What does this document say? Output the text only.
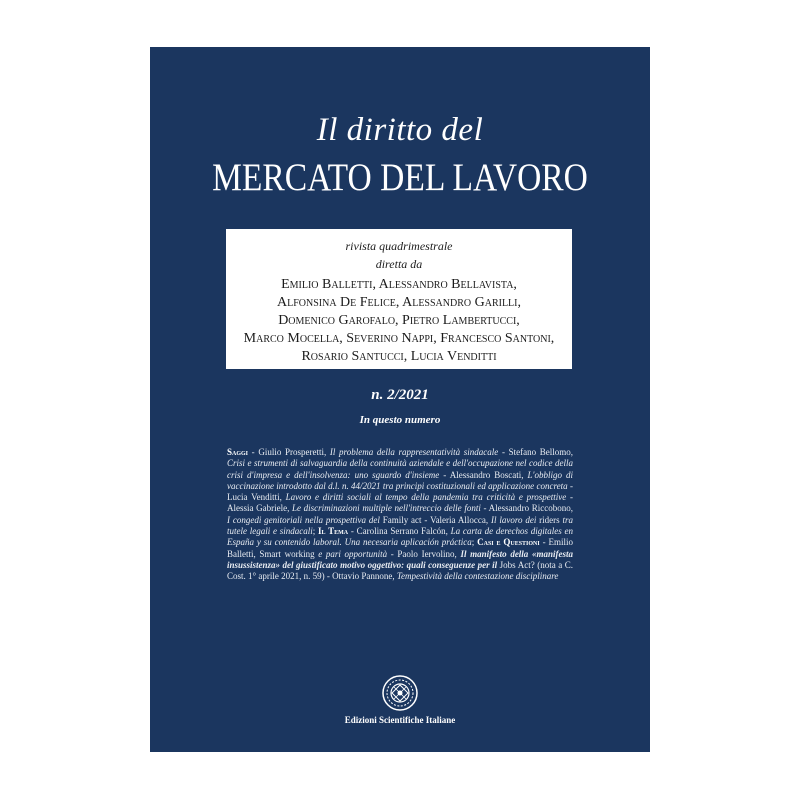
Il diritto del
MERCATO DEL LAVORO
rivista quadrimestrale
diretta da
Emilio Balletti, Alessandro Bellavista,
Alfonsina De Felice, Alessandro Garilli,
Domenico Garofalo, Pietro Lambertucci,
Marco Mocella, Severino Nappi, Francesco Santoni,
Rosario Santucci, Lucia Venditti
n. 2/2021
In questo numero
Saggi - Giulio Prosperetti, Il problema della rappresentatività sindacale - Stefano Bellomo, Crisi e strumenti di salvaguardia della continuità aziendale e dell'occupazione nel codice della crisi d'impresa e dell'insolvenza: uno sguardo d'insieme - Alessandro Boscati, L'obbligo di vaccinazione introdotto dal d.l. n. 44/2021 tra principi costituzionali ed applicazione concreta - Lucia Venditti, Lavoro e diritti sociali al tempo della pandemia tra criticità e prospettive - Alessia Gabriele, Le discriminazioni multiple nell'intreccio delle fonti - Alessandro Riccobono, I congedi genitoriali nella prospettiva del Family act - Valeria Allocca, Il lavoro dei riders tra tutele legali e sindacali; Il Tema - Carolina Serrano Falcón, La carta de derechos digitales en España y su contenido laboral. Una necesaria aplicación práctica; Casi e Questioni - Emilio Balletti, Smart working e pari opportunità - Paolo Iervolino, Il manifesto della «manifesta insussistenza» del giustificato motivo oggettivo: quali conseguenze per il Jobs Act? (nota a C. Cost. 1° aprile 2021, n. 59) - Ottavio Pannone, Tempestività della contestazione disciplinare
Edizioni Scientifiche Italiane
